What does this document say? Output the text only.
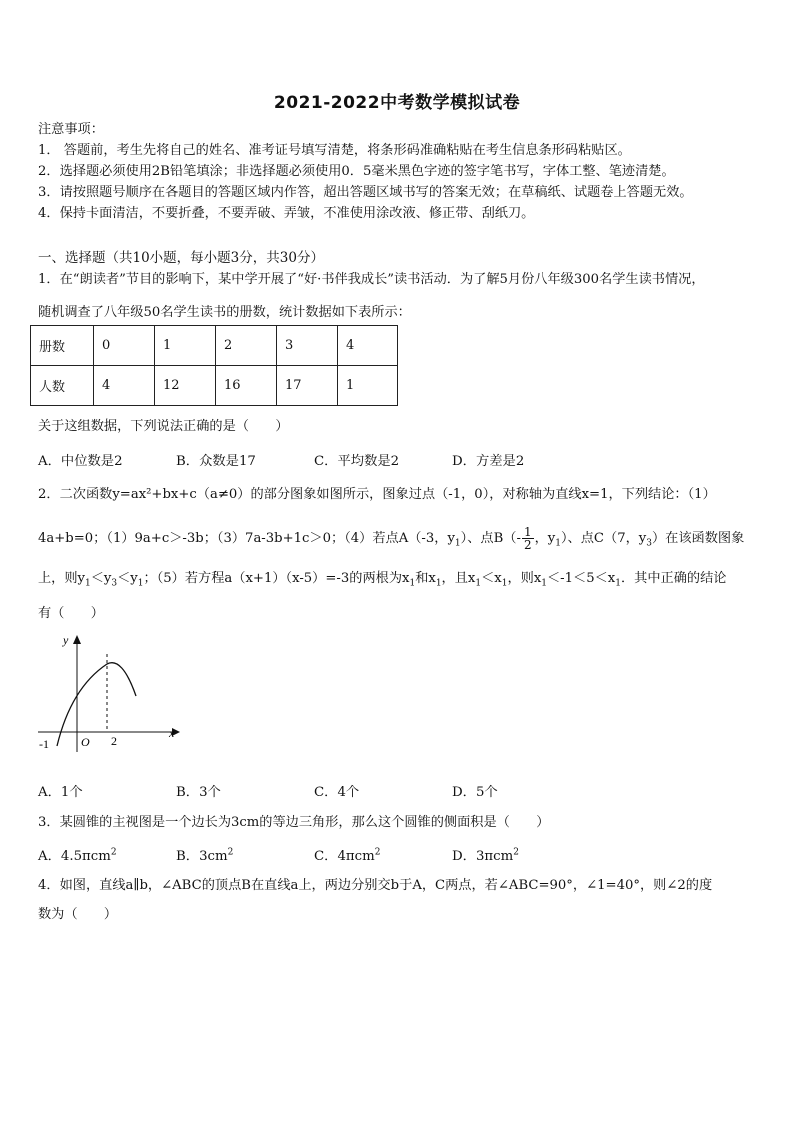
2021-2022中考数学模拟试卷
注意事项：
1． 答题前，考生先将自己的姓名、准考证号填写清楚，将条形码准确粘贴在考生信息条形码粘贴区。
2．选择题必须使用2B铅笔填涂；非选择题必须使用0．5毫米黑色字迹的签字笔书写，字体工整、笔迹清楚。
3．请按照题号顺序在各题目的答题区域内作答，超出答题区域书写的答案无效；在草稿纸、试题卷上答题无效。
4．保持卡面清洁，不要折叠，不要弄破、弄皱，不准使用涂改液、修正带、刮纸刀。
一、选择题（共10小题，每小题3分，共30分）
1．在“朗读者”节目的影响下，某中学开展了“好·书伴我成长”读书活动．为了解5月份八年级300名学生读书情况，
随机调查了八年级50名学生读书的册数，统计数据如下表所示：
册数	0	1	2	3	4
人数	4	12	16	17	1
关于这组数据，下列说法正确的是（　　）
A．中位数是2	B．众数是17	C．平均数是2	D．方差是2
2．二次函数y=ax²+bx+c（a≠0）的部分图象如图所示，图象过点（-1，0），对称轴为直线x=1，下列结论：（1）
4a+b=0；（1）9a+c＞-3b；（3）7a-3b+1c＞0；（4）若点A（-3，$y_1$）、点$B(- \frac{1}{2}$ ，$y_1$）、点C（7，$y_3$）在该函数图象
上，则$y_1<y_3<y_1$；（5）若方程a（x+1）（x-5）=-3的两根为$x_1$和$x_1$，且$x_1<x_1$，则$x_1<-1<5<x_1$．其中正确的结论
有（　　）
y
x
O
-1	2
A．1个	B．3个	C．4个	D．5个
3．某圆锥的主视图是一个边长为3cm的等边三角形，那么这个圆锥的侧面积是（　　）
A．4.5πcm$^2$	B．$3cm^2$	C．4πcm$^2$	D．3πcm$^2$
4．如图，直线a∥b，∠ABC的顶点B在直线a上，两边分别交b于A，C两点，若∠ABC=90°，∠1=40°，则∠2的度
数为（　　）
